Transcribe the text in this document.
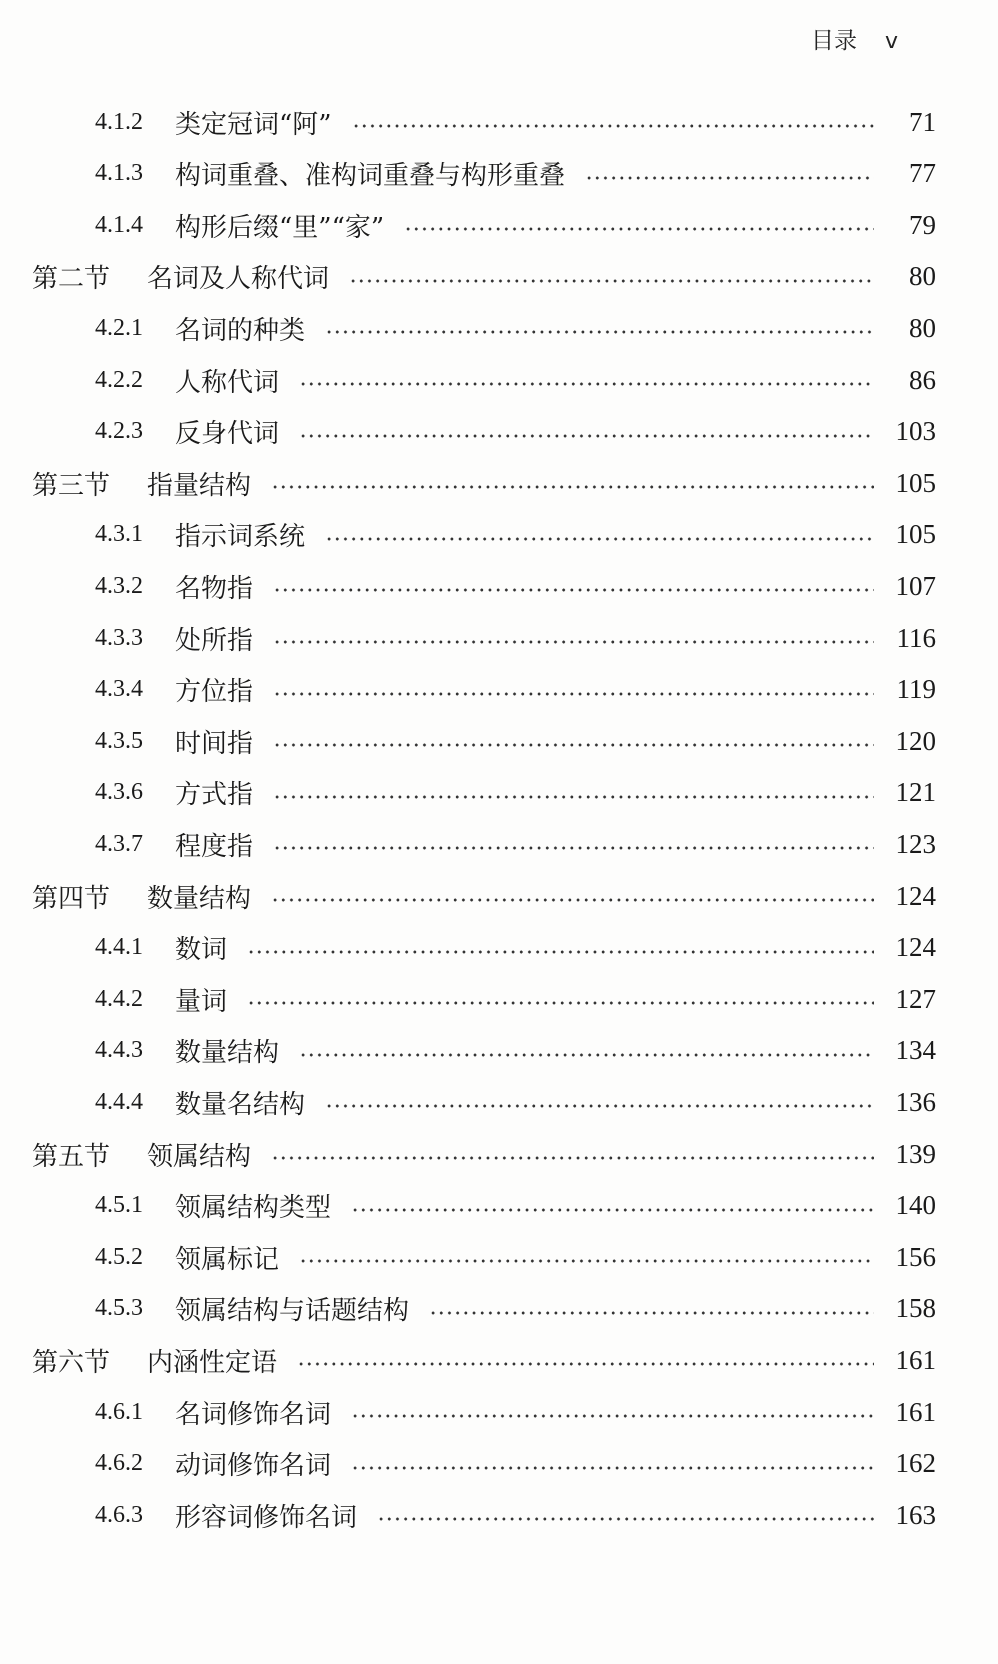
目录 v
4.1.2	类定冠词“阿”	71
4.1.3	构词重叠、准构词重叠与构形重叠	77
4.1.4	构形后缀“里”“家”	79
第二节	名词及人称代词	80
4.2.1	名词的种类	80
4.2.2	人称代词	86
4.2.3	反身代词	103
第三节	指量结构	105
4.3.1	指示词系统	105
4.3.2	名物指	107
4.3.3	处所指	116
4.3.4	方位指	119
4.3.5	时间指	120
4.3.6	方式指	121
4.3.7	程度指	123
第四节	数量结构	124
4.4.1	数词	124
4.4.2	量词	127
4.4.3	数量结构	134
4.4.4	数量名结构	136
第五节	领属结构	139
4.5.1	领属结构类型	140
4.5.2	领属标记	156
4.5.3	领属结构与话题结构	158
第六节	内涵性定语	161
4.6.1	名词修饰名词	161
4.6.2	动词修饰名词	162
4.6.3	形容词修饰名词	163
